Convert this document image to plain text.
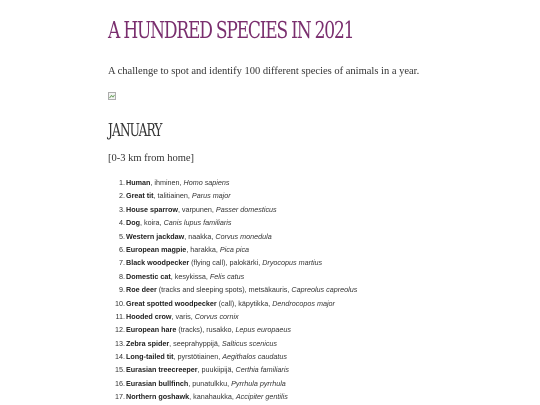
A HUNDRED SPECIES IN 2021

A challenge to spot and identify 100 different species of animals in a year.

JANUARY

[0-3 km from home]

1.Human, ihminen, Homo sapiens
2.Great tit, talitiainen, Parus major
3.House sparrow, varpunen, Passer domesticus
4.Dog, koira, Canis lupus familiaris
5.Western jackdaw, naakka, Corvus monedula
6.European magpie, harakka, Pica pica
7.Black woodpecker (flying call), palokärki, Dryocopus martius
8.Domestic cat, kesykissa, Felis catus
9.Roe deer (tracks and sleeping spots), metsäkauris, Capreolus capreolus
10.Great spotted woodpecker (call), käpytikka, Dendrocopos major
11.Hooded crow, varis, Corvus cornix
12.European hare (tracks), rusakko, Lepus europaeus
13.Zebra spider, seeprahyppijä, Salticus scenicus
14.Long-tailed tit, pyrstötiainen, Aegithalos caudatus
15.Eurasian treecreeper, puukiipijä, Certhia familiaris
16.Eurasian bullfinch, punatulkku, Pyrrhula pyrrhula
17.Northern goshawk, kanahaukka, Accipiter gentilis
